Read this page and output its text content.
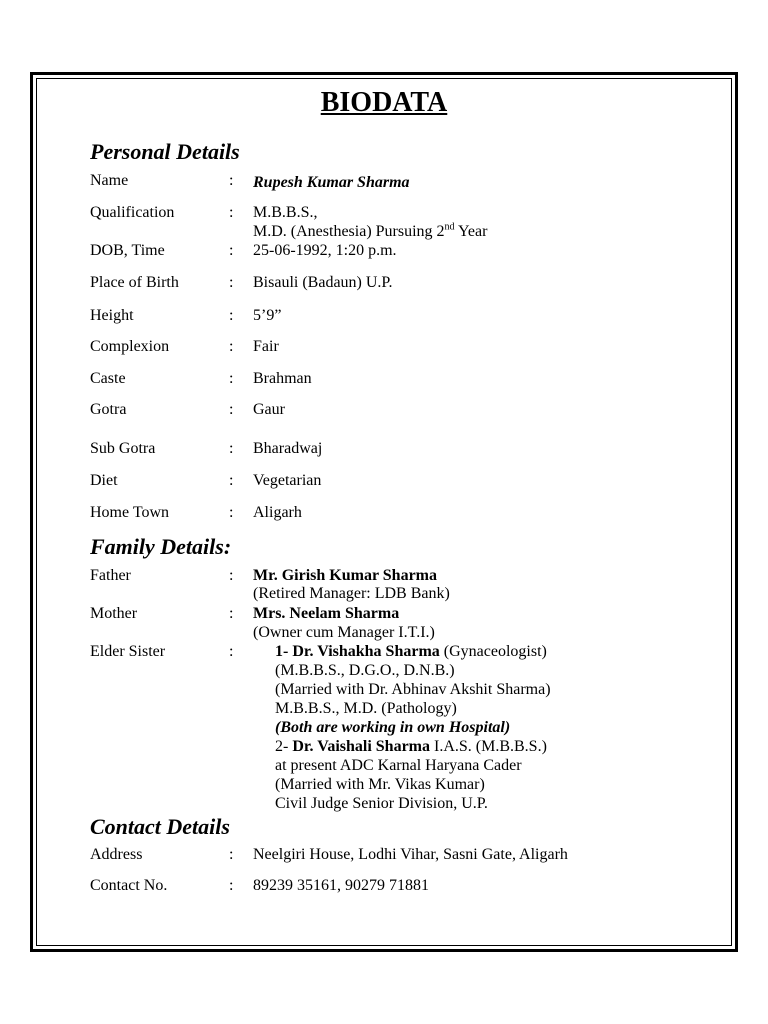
BIODATA
Personal Details
Name	: Rupesh Kumar Sharma
Qualification	: M.B.B.S.,
M.D. (Anesthesia) Pursuing 2nd Year
DOB, Time	: 25-06-1992, 1:20 p.m.
Place of Birth	: Bisauli (Badaun) U.P.
Height	: 5’9”
Complexion	: Fair
Caste	: Brahman
Gotra	: Gaur
Sub Gotra	: Bharadwaj
Diet	: Vegetarian
Home Town	: Aligarh
Family Details:
Father	: Mr. Girish Kumar Sharma
(Retired Manager: LDB Bank)
Mother	: Mrs. Neelam Sharma
(Owner cum Manager I.T.I.)
Elder Sister	:	1- Dr. Vishakha Sharma (Gynaceologist)
(M.B.B.S., D.G.O., D.N.B.)
(Married with Dr. Abhinav Akshit Sharma)
M.B.B.S., M.D. (Pathology)
(Both are working in own Hospital)
2- Dr. Vaishali Sharma I.A.S. (M.B.B.S.)
at present ADC Karnal Haryana Cader
(Married with Mr. Vikas Kumar)
Civil Judge Senior Division, U.P.
Contact Details
Address	: Neelgiri House, Lodhi Vihar, Sasni Gate, Aligarh
Contact No.	: 89239 35161, 90279 71881
